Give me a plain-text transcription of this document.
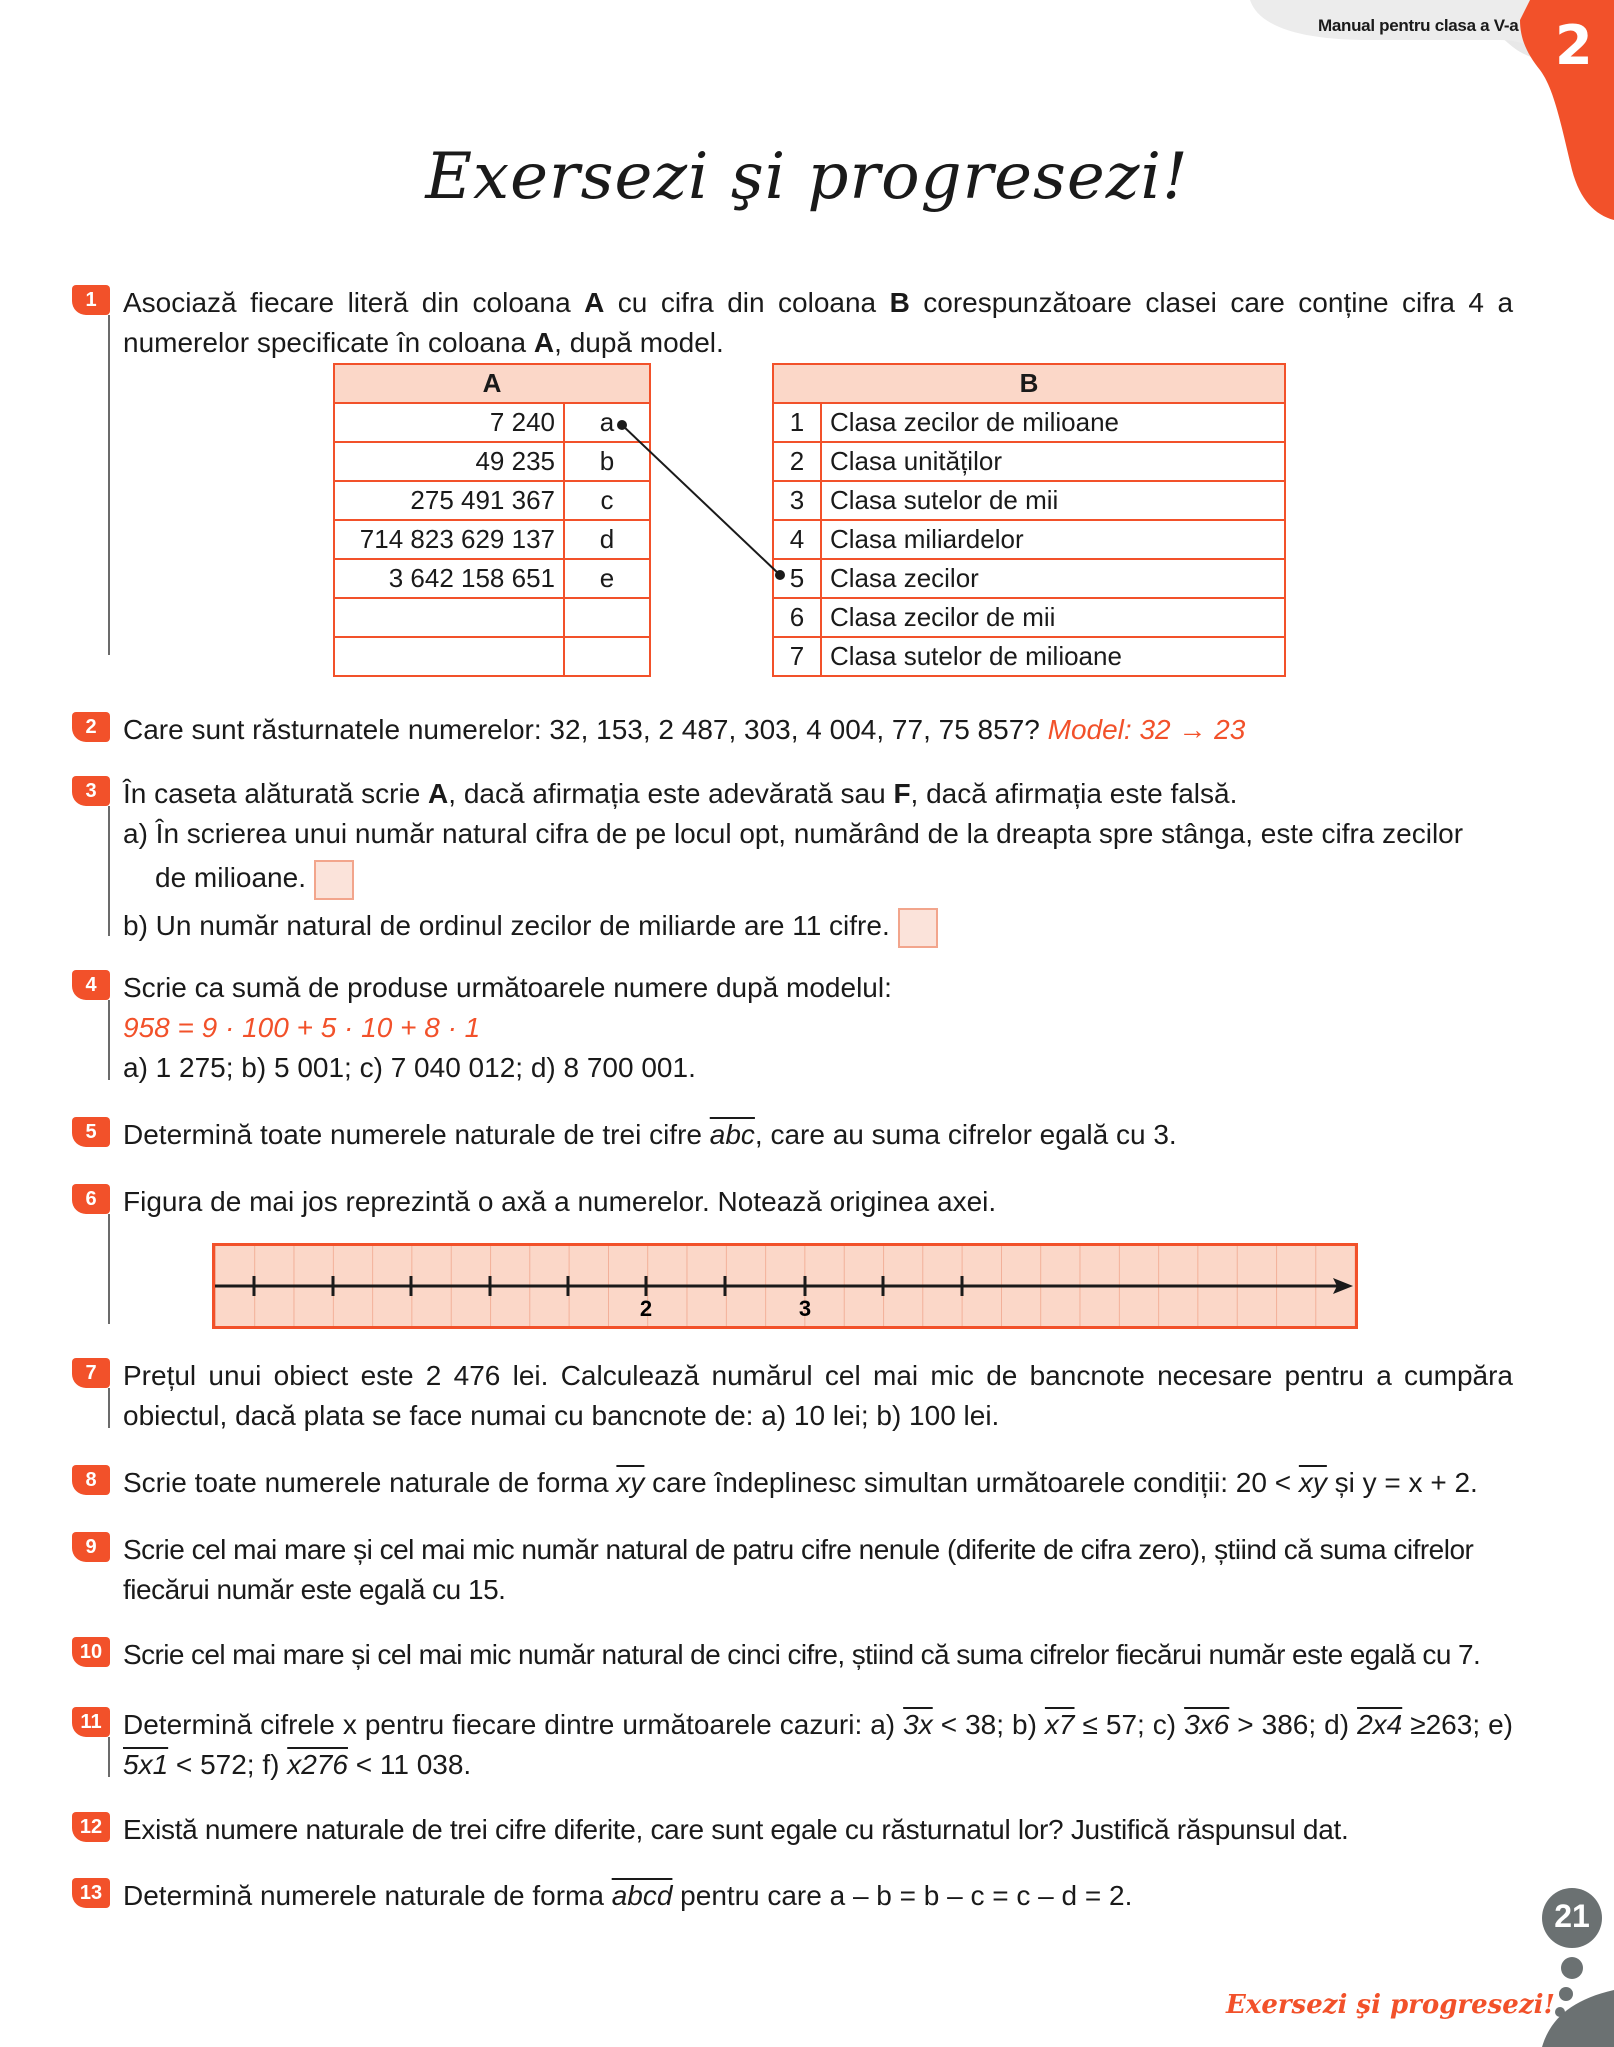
Manual pentru clasa a V-a 2
Exersezi şi progresezi!
1 Asociază fiecare literă din coloana A cu cifra din coloana B corespunzătoare clasei care conține cifra 4 a numerelor specificate în coloana A, după model.
A	
7 240	a
49 235	b
275 491 367	c
714 823 629 137	d
3 642 158 651	e

B	
1	Clasa zecilor de milioane
2	Clasa unităților
3	Clasa sutelor de mii
4	Clasa miliardelor
5	Clasa zecilor
6	Clasa zecilor de mii
7	Clasa sutelor de milioane
2 Care sunt răsturnatele numerelor: 32, 153, 2 487, 303, 4 004, 77, 75 857? Model: 32 → 23
3 În caseta alăturată scrie A, dacă afirmația este adevărată sau F, dacă afirmația este falsă.
a) În scrierea unui număr natural cifra de pe locul opt, numărând de la dreapta spre stânga, este cifra zecilor
de milioane.
b) Un număr natural de ordinul zecilor de miliarde are 11 cifre.
4 Scrie ca sumă de produse următoarele numere după modelul:
958 = 9 · 100 + 5 · 10 + 8 · 1
a) 1 275; b) 5 001; c) 7 040 012; d) 8 700 001.
5 Determină toate numerele naturale de trei cifre $\overline{abc}$, care au suma cifrelor egală cu 3.
6 Figura de mai jos reprezintă o axă a numerelor. Notează originea axei.
2	3
7 Prețul unui obiect este 2 476 lei. Calculează numărul cel mai mic de bancnote necesare pentru a cumpăra obiectul, dacă plata se face numai cu bancnote de: a) 10 lei; b) 100 lei.
8 Scrie toate numerele naturale de forma $\overline{xy}$ care îndeplinesc simultan următoarele condiții: $20 < \overline{xy}$ și y = x + 2.
9 Scrie cel mai mare și cel mai mic număr natural de patru cifre nenule (diferite de cifra zero), știind că suma cifrelor fiecărui număr este egală cu 15.
10 Scrie cel mai mare și cel mai mic număr natural de cinci cifre, știind că suma cifrelor fiecărui număr este egală cu 7.
11 Determină cifrele x pentru fiecare dintre următoarele cazuri: a) 3x < 38; b) x7 ≤ 57; c) 3x6 > 386; d) 2x4 ≥263; e) 5x1 < 572; f) x276 < 11 038.
12 Există numere naturale de trei cifre diferite, care sunt egale cu răsturnatul lor? Justifică răspunsul dat.
13 Determină numerele naturale de forma abcd pentru care a – b = b – c = c – d = 2.
21
Exersezi şi progresezi!
